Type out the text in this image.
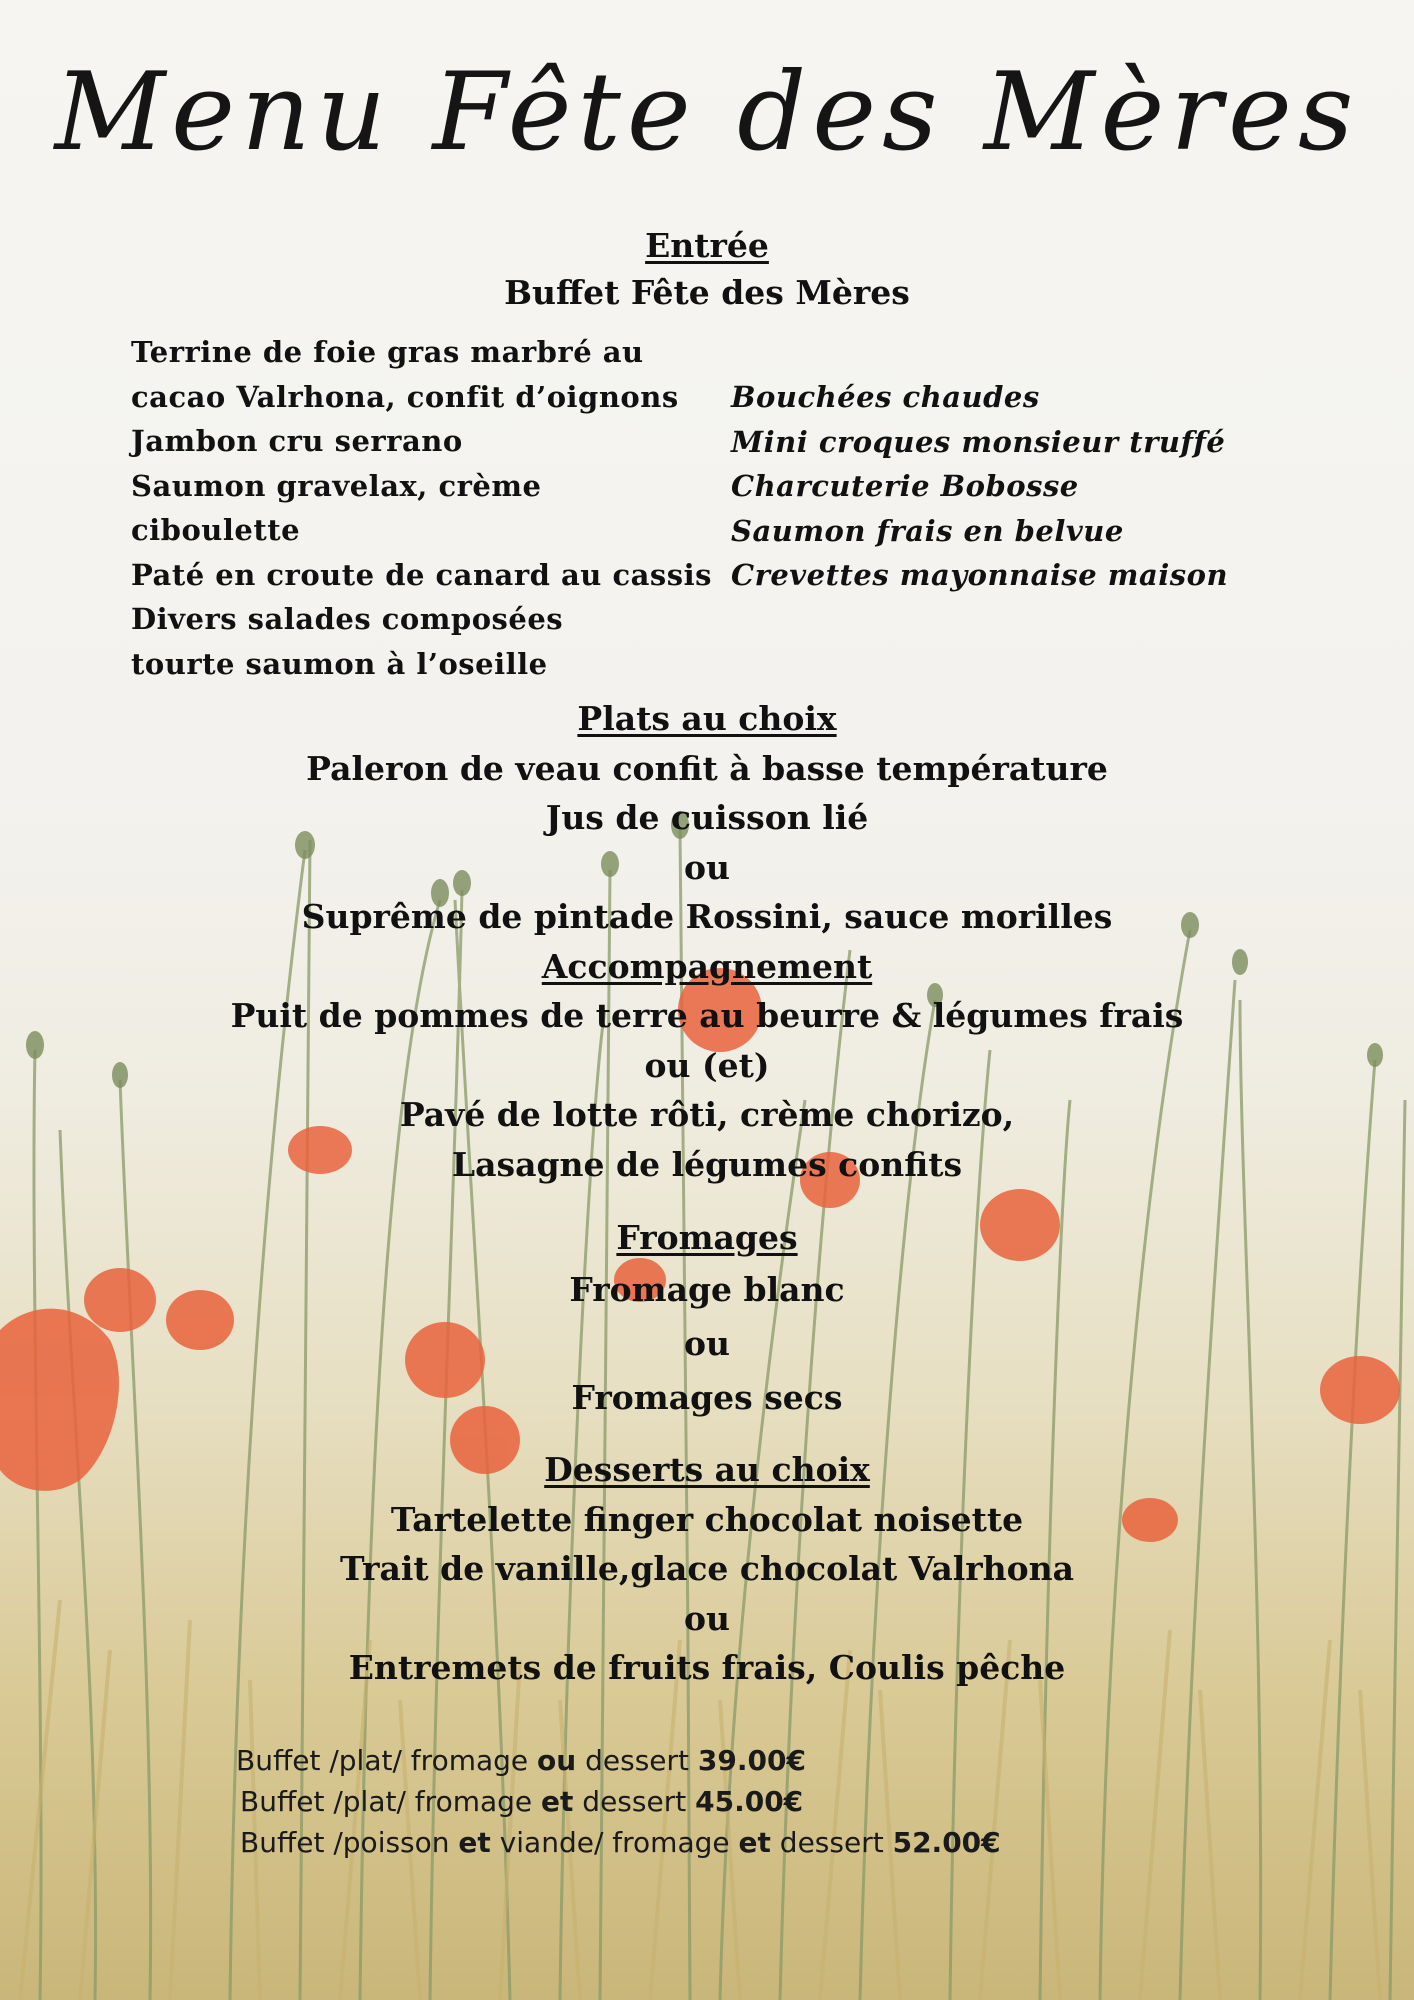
Menu Fête des Mères
Entrée
Buffet Fête des Mères
Terrine de foie gras marbré au
cacao Valrhona, confit d’oignons
Jambon cru serrano
Saumon gravelax, crème
ciboulette
Paté en croute de canard au cassis
Divers salades composées
tourte saumon à l’oseille
Bouchées chaudes
Mini croques monsieur truffé
Charcuterie Bobosse
Saumon frais en belvue
Crevettes mayonnaise maison
Plats au choix
Paleron de veau confit à basse température
Jus de cuisson lié
ou
Suprême de pintade Rossini, sauce morilles
Accompagnement
Puit de pommes de terre au beurre & légumes frais
ou (et)
Pavé de lotte rôti, crème chorizo,
Lasagne de légumes confits
Fromages
Fromage blanc
ou
Fromages secs
Desserts au choix
Tartelette finger chocolat noisette
Trait de vanille,glace chocolat Valrhona
ou
Entremets de fruits frais, Coulis pêche
Buffet /plat/ fromage ou dessert 39.00€
Buffet /plat/ fromage et dessert 45.00€
Buffet /poisson et viande/ fromage et dessert 52.00€
